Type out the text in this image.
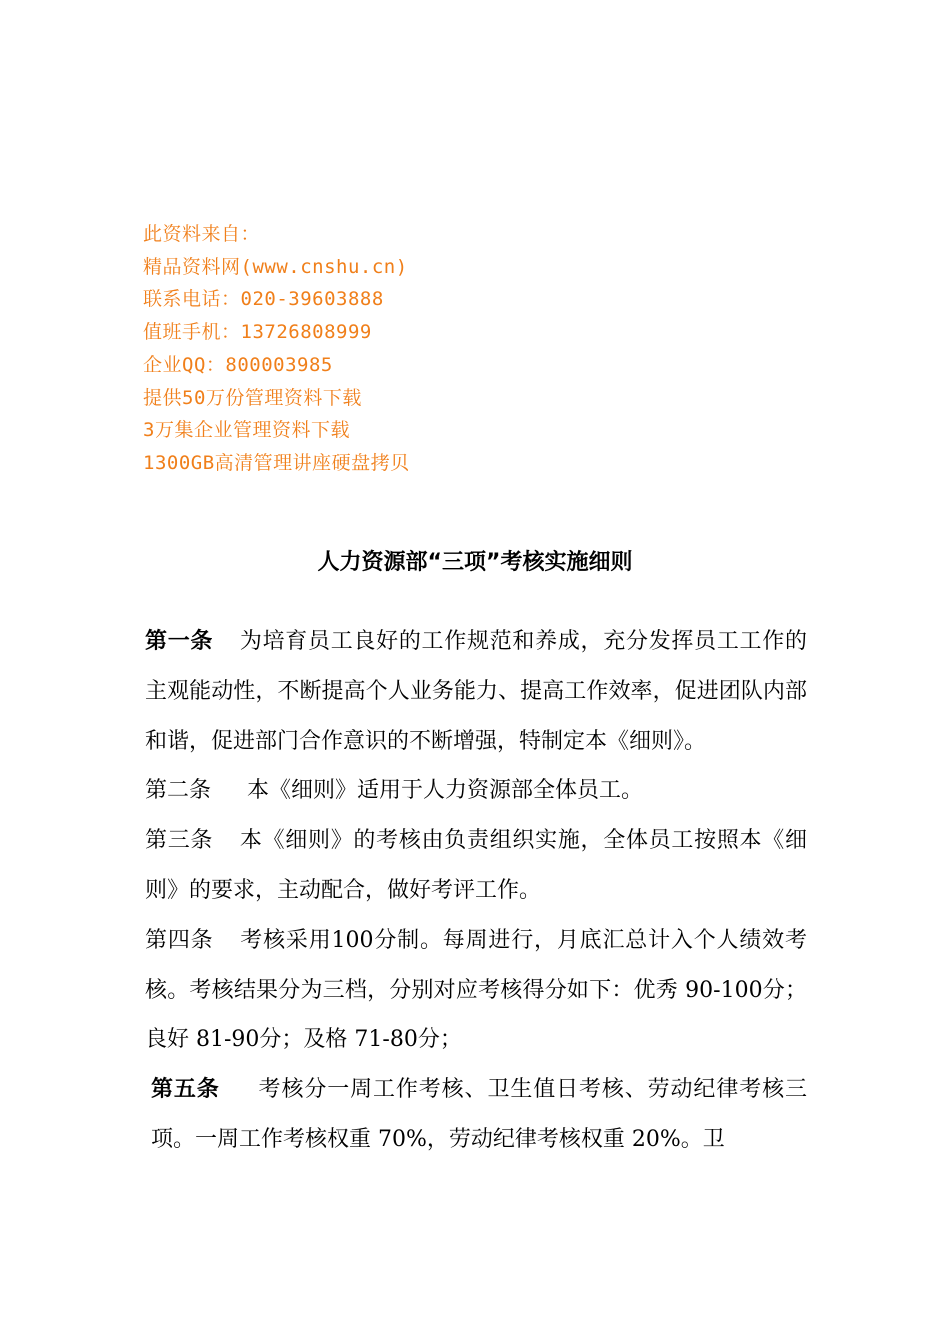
此资料来自：
精品资料网(www.cnshu.cn)
联系电话：020-39603888
值班手机：13726808999
企业QQ：800003985
提供50万份管理资料下载
3万集企业管理资料下载
1300GB高清管理讲座硬盘拷贝
人力资源部“三项”考核实施细则

第一条 为培育员工良好的工作规范和养成，充分发挥员工工作的主观能动性，不断提高个人业务能力、提高工作效率，促进团队内部和谐，促进部门合作意识的不断增强，特制定本《细则》。

第二条 本《细则》适用于人力资源部全体员工。

第三条 本《细则》的考核由负责组织实施，全体员工按照本《细则》的要求，主动配合，做好考评工作。

第四条 考核采用100分制。每周进行，月底汇总计入个人绩效考核。考核结果分为三档，分别对应考核得分如下：优秀 90-100分；良好 81-90分；及格 71-80分；

第五条 考核分一周工作考核、卫生值日考核、劳动纪律考核三项。一周工作考核权重 70%，劳动纪律考核权重 20%。卫
